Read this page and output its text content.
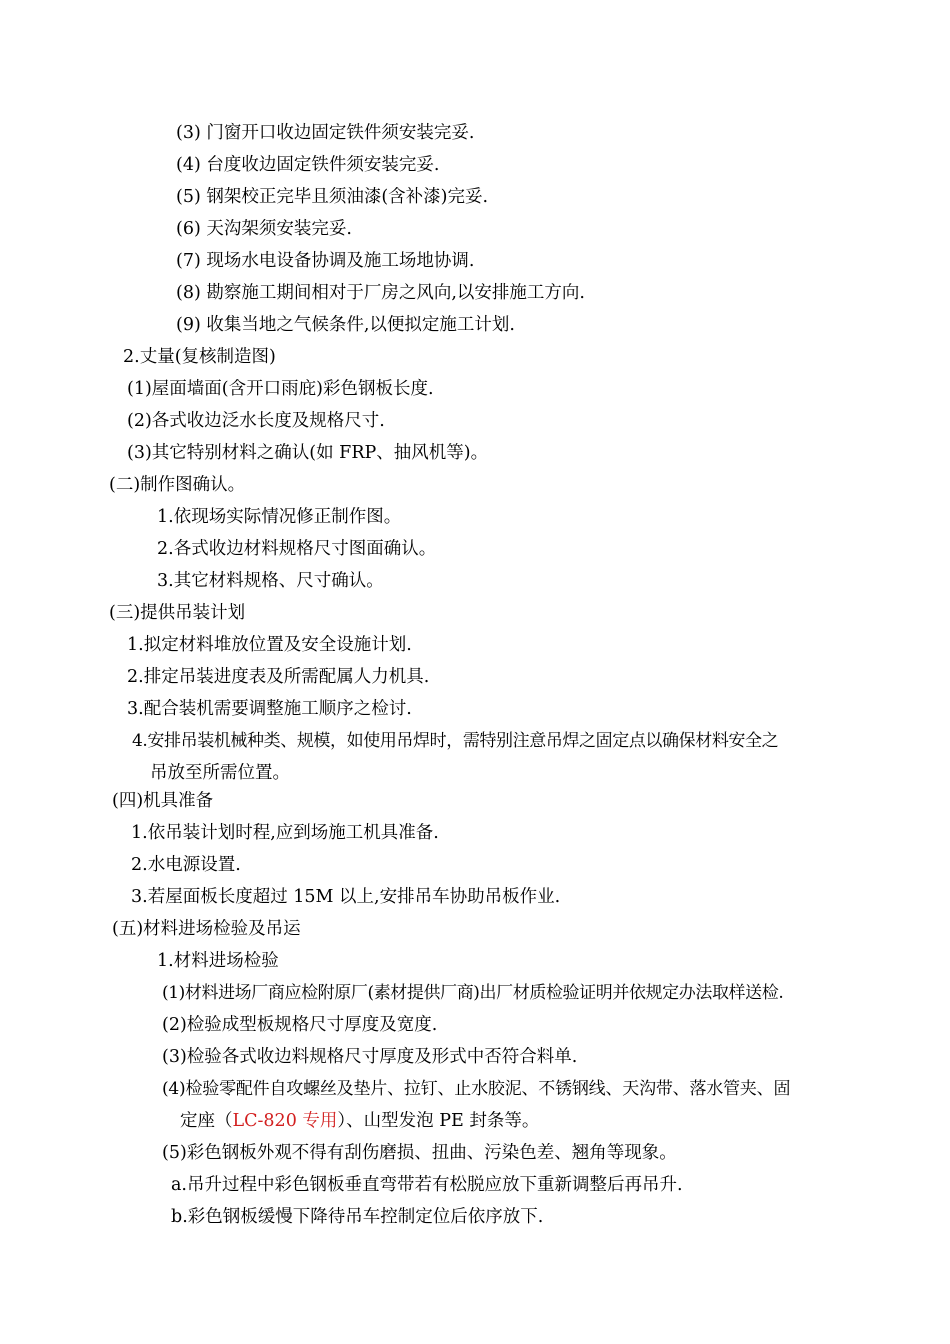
(3) 门窗开口收边固定铁件须安装完妥.
(4) 台度收边固定铁件须安装完妥.
(5) 钢架校正完毕且须油漆(含补漆)完妥.
(6) 天沟架须安装完妥.
(7) 现场水电设备协调及施工场地协调.
(8) 勘察施工期间相对于厂房之风向,以安排施工方向.
(9) 收集当地之气候条件,以便拟定施工计划.
2.丈量(复核制造图)
(1)屋面墙面(含开口雨庇)彩色钢板长度.
(2)各式收边泛水长度及规格尺寸.
(3)其它特别材料之确认(如 FRP、抽风机等)。
(二)制作图确认。
1.依现场实际情况修正制作图。
2.各式收边材料规格尺寸图面确认。
3.其它材料规格、尺寸确认。
(三)提供吊装计划
1.拟定材料堆放位置及安全设施计划.
2.排定吊装进度表及所需配属人力机具.
3.配合装机需要调整施工顺序之检讨.
4.安排吊装机械种类、规模，如使用吊焊时，需特别注意吊焊之固定点以确保材料安全之
吊放至所需位置。
(四)机具准备
1.依吊装计划时程,应到场施工机具准备.
2.水电源设置.
3.若屋面板长度超过 15M 以上,安排吊车协助吊板作业.
(五)材料进场检验及吊运
1.材料进场检验
(1)材料进场厂商应检附原厂(素材提供厂商)出厂材质检验证明并依规定办法取样送检.
(2)检验成型板规格尺寸厚度及宽度.
(3)检验各式收边料规格尺寸厚度及形式中否符合料单.
(4)检验零配件自攻螺丝及垫片、拉钉、止水胶泥、不锈钢线、天沟带、落水管夹、固
定座（LC-820 专用）、山型发泡 PE 封条等。
(5)彩色钢板外观不得有刮伤磨损、扭曲、污染色差、翘角等现象。
a.吊升过程中彩色钢板垂直弯带若有松脱应放下重新调整后再吊升.
b.彩色钢板缓慢下降待吊车控制定位后依序放下.
